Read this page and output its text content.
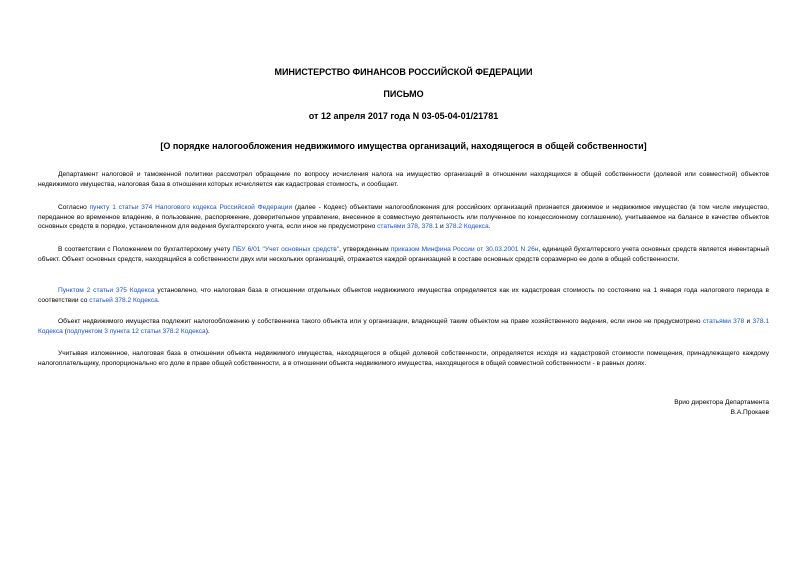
МИНИСТЕРСТВО ФИНАНСОВ РОССИЙСКОЙ ФЕДЕРАЦИИ
ПИСЬМО
от 12 апреля 2017 года N 03-05-04-01/21781
[О порядке налогообложения недвижимого имущества организаций, находящегося в общей собственности]

Департамент налоговой и таможенной политики рассмотрел обращение по вопросу исчисления налога на имущество организаций в отношении находящихся в общей собственности (долевой или совместной) объектов недвижимого имущества, налоговая база в отношении которых исчисляется как кадастровая стоимость, и сообщает.

Согласно пункту 1 статьи 374 Налогового кодекса Российской Федерации (далее - Кодекс) объектами налогообложения для российских организаций признается движимое и недвижимое имущество (в том числе имущество, переданное во временное владение, в пользование, распоряжение, доверительное управление, внесенное в совместную деятельность или полученное по концессионному соглашению), учитываемое на балансе в качестве объектов основных средств в порядке, установленном для ведения бухгалтерского учета, если иное не предусмотрено статьями 378, 378.1 и 378.2 Кодекса.

В соответствии с Положением по бухгалтерскому учету ПБУ 6/01 "Учет основных средств", утвержденным приказом Минфина России от 30.03.2001 N 26н, единицей бухгалтерского учета основных средств является инвентарный объект. Объект основных средств, находящийся в собственности двух или нескольких организаций, отражается каждой организацией в составе основных средств соразмерно ее доле в общей собственности.

Пунктом 2 статьи 375 Кодекса установлено, что налоговая база в отношении отдельных объектов недвижимого имущества определяется как их кадастровая стоимость по состоянию на 1 января года налогового периода в соответствии со статьей 378.2 Кодекса.

Объект недвижимого имущества подлежит налогообложению у собственника такого объекта или у организации, владеющей таким объектом на праве хозяйственного ведения, если иное не предусмотрено статьями 378 и 378.1 Кодекса (подпунктом 3 пункта 12 статьи 378.2 Кодекса).

Учитывая изложенное, налоговая база в отношении объекта недвижимого имущества, находящегося в общей долевой собственности, определяется исходя из кадастровой стоимости помещения, принадлежащего каждому налогоплательщику, пропорционально его доле в праве общей собственности, а в отношении объекта недвижимого имущества, находящегося в общей совместной собственности - в равных долях.

Врио директора Департамента
В.А.Прокаев
